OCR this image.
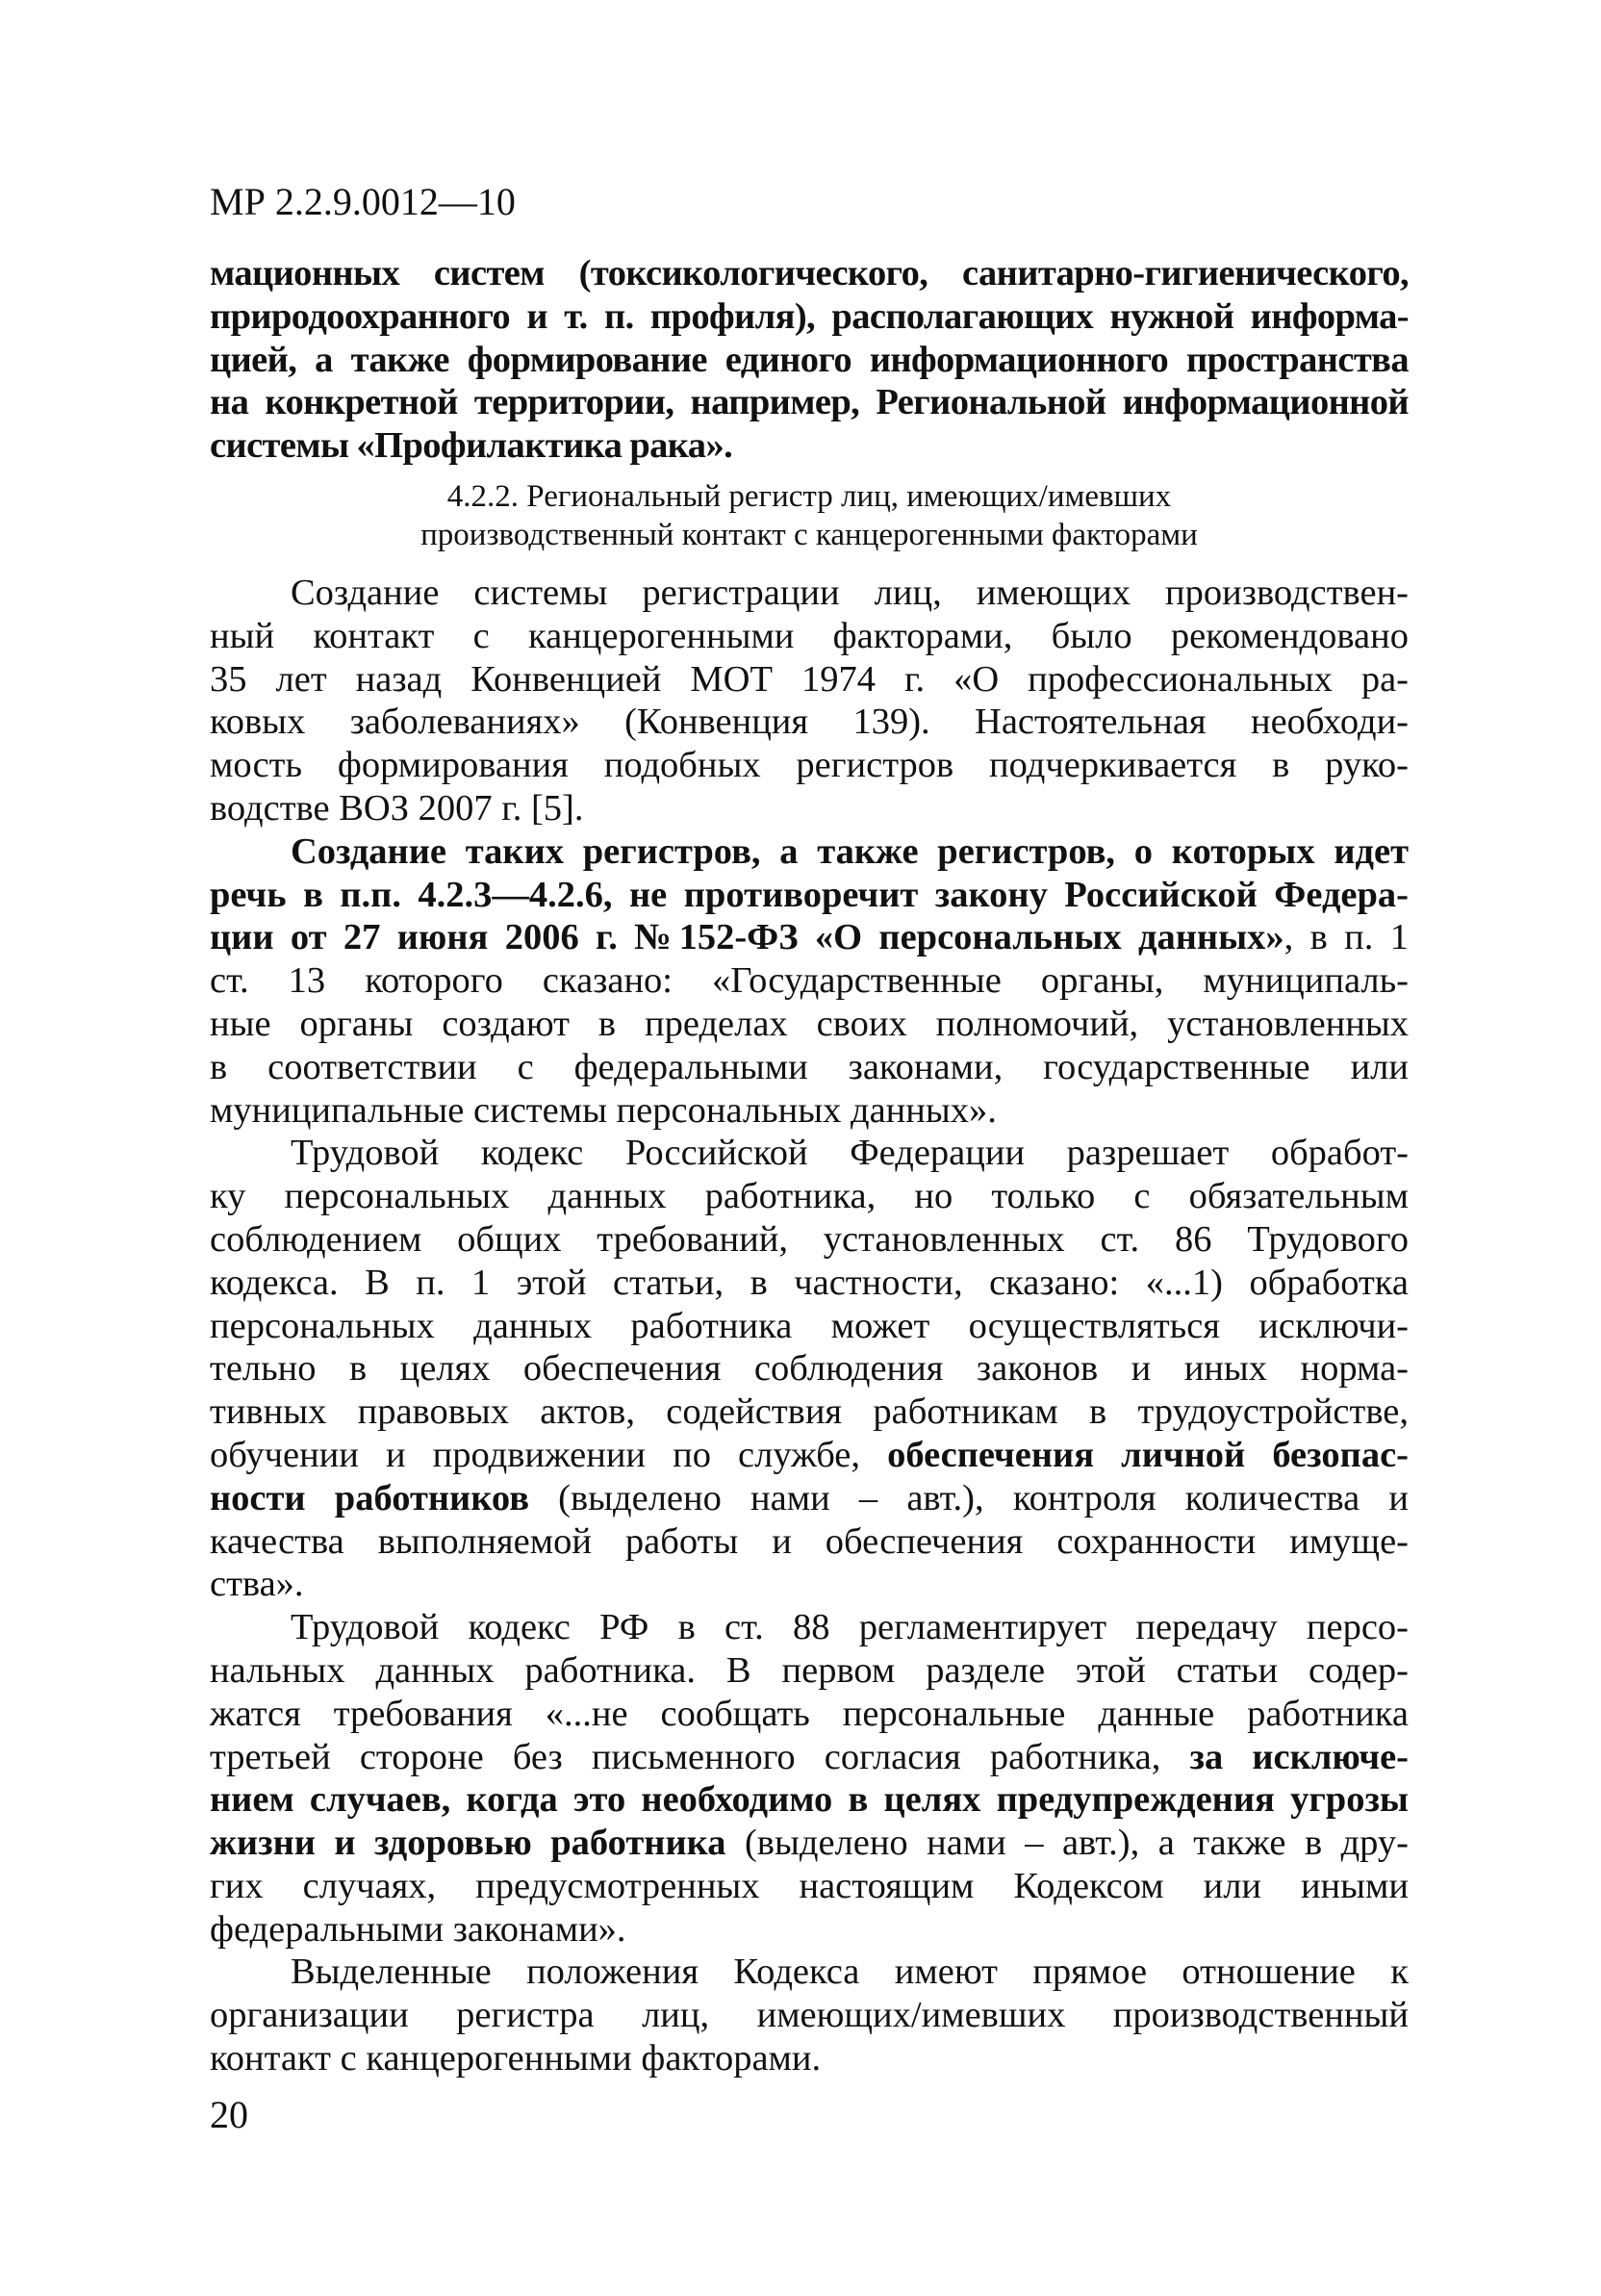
МР 2.2.9.0012—10
мационных систем (токсикологического, санитарно-гигиенического,
природоохранного и т. п. профиля), располагающих нужной информа-
цией, а также формирование единого информационного пространства
на конкретной территории, например, Региональной информационной
системы «Профилактика рака».
4.2.2. Региональный регистр лиц, имеющих/имевших
производственный контакт с канцерогенными факторами
Создание системы регистрации лиц, имеющих производствен-
ный контакт с канцерогенными факторами, было рекомендовано
35 лет назад Конвенцией МОТ 1974 г. «О профессиональных ра-
ковых заболеваниях» (Конвенция 139). Настоятельная необходи-
мость формирования подобных регистров подчеркивается в руко-
водстве ВОЗ 2007 г. [5].
Создание таких регистров, а также регистров, о которых идет
речь в п.п. 4.2.3—4.2.6, не противоречит закону Российской Федера-
ции от 27 июня 2006 г. №152-ФЗ «О персональных данных», в п. 1
ст. 13 которого сказано: «Государственные органы, муниципаль-
ные органы создают в пределах своих полномочий, установленных
в соответствии с федеральными законами, государственные или
муниципальные системы персональных данных».
Трудовой кодекс Российской Федерации разрешает обработ-
ку персональных данных работника, но только с обязательным
соблюдением общих требований, установленных ст. 86 Трудового
кодекса. В п. 1 этой статьи, в частности, сказано: «...1) обработка
персональных данных работника может осуществляться исключи-
тельно в целях обеспечения соблюдения законов и иных норма-
тивных правовых актов, содействия работникам в трудоустройстве,
обучении и продвижении по службе, обеспечения личной безопас-
ности работников (выделено нами – авт.), контроля количества и
качества выполняемой работы и обеспечения сохранности имуще-
ства».
Трудовой кодекс РФ в ст. 88 регламентирует передачу персо-
нальных данных работника. В первом разделе этой статьи содер-
жатся требования «...не сообщать персональные данные работника
третьей стороне без письменного согласия работника, за исключе-
нием случаев, когда это необходимо в целях предупреждения угрозы
жизни и здоровью работника (выделено нами – авт.), а также в дру-
гих случаях, предусмотренных настоящим Кодексом или иными
федеральными законами».
Выделенные положения Кодекса имеют прямое отношение к
организации регистра лиц, имеющих/имевших производственный
контакт с канцерогенными факторами.
20
